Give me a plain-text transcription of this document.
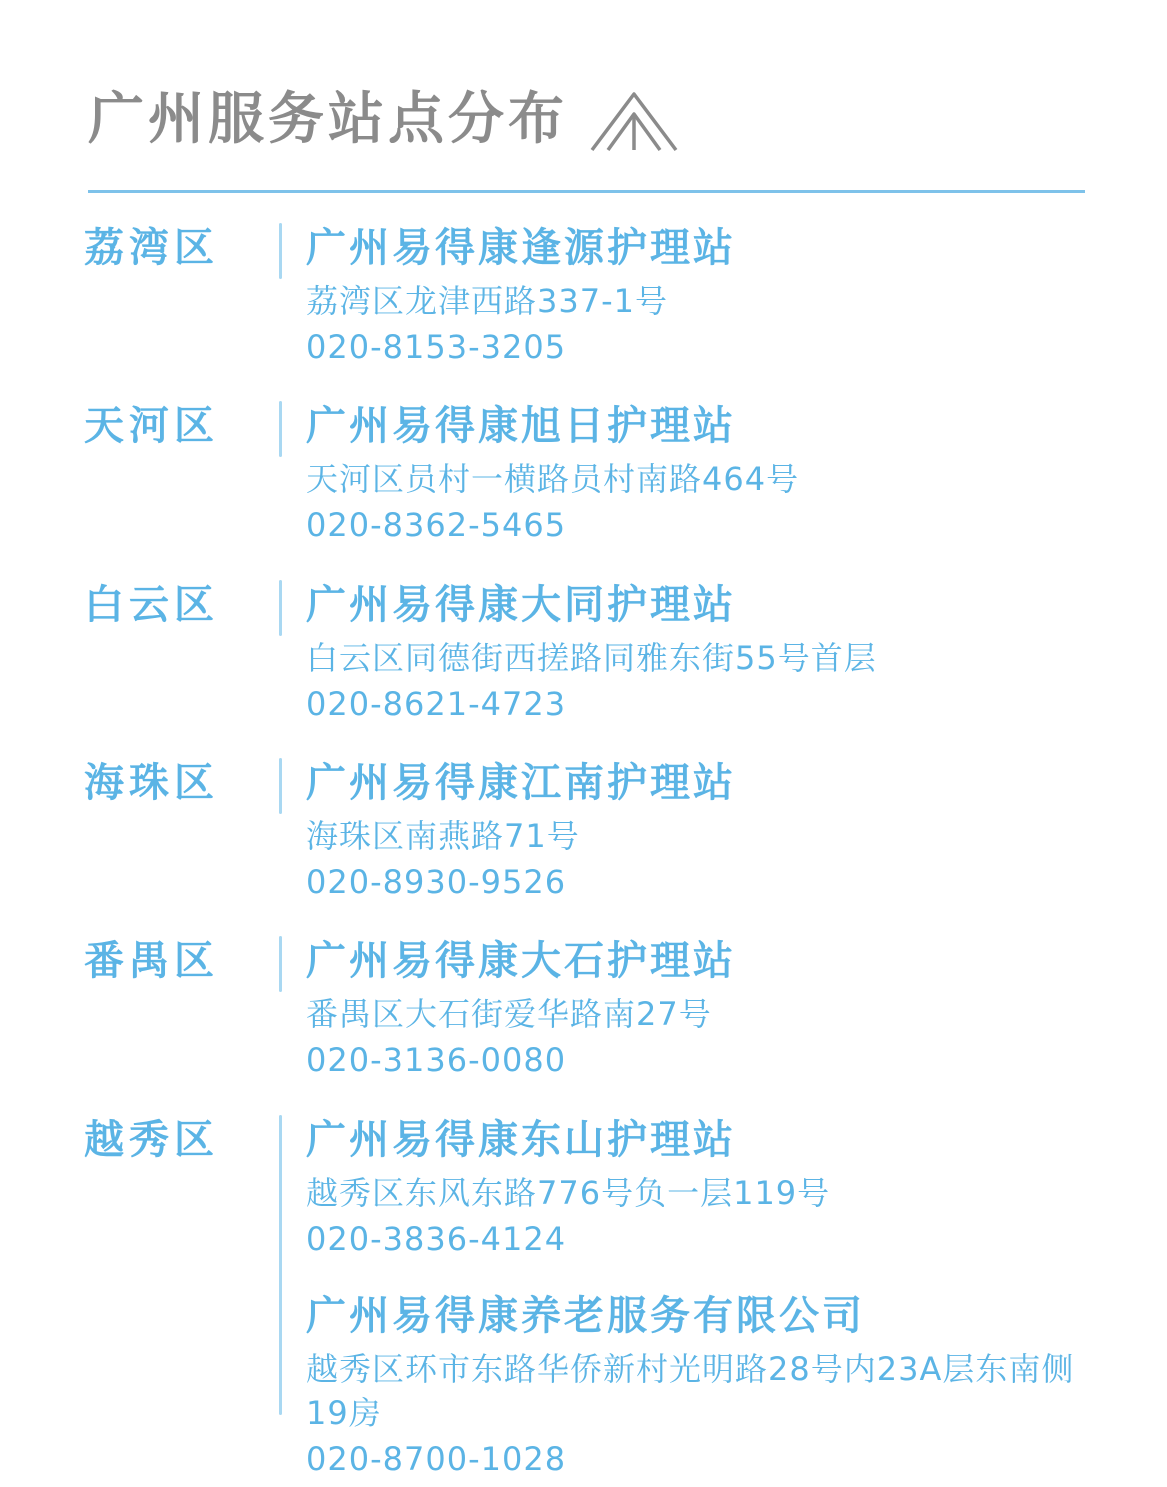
广州服务站点分布
荔湾区	广州易得康逢源护理站
荔湾区龙津西路337-1号
020-8153-3205
天河区	广州易得康旭日护理站
天河区员村一横路员村南路464号
020-8362-5465
白云区	广州易得康大同护理站
白云区同德街西搓路同雅东街55号首层
020-8621-4723
海珠区	广州易得康江南护理站
海珠区南燕路71号
020-8930-9526
番禺区	广州易得康大石护理站
番禺区大石街爱华路南27号
020-3136-0080
越秀区	广州易得康东山护理站
越秀区东风东路776号负一层119号
020-3836-4124
广州易得康养老服务有限公司
越秀区环市东路华侨新村光明路28号内23A层东南侧19房
020-8700-1028
